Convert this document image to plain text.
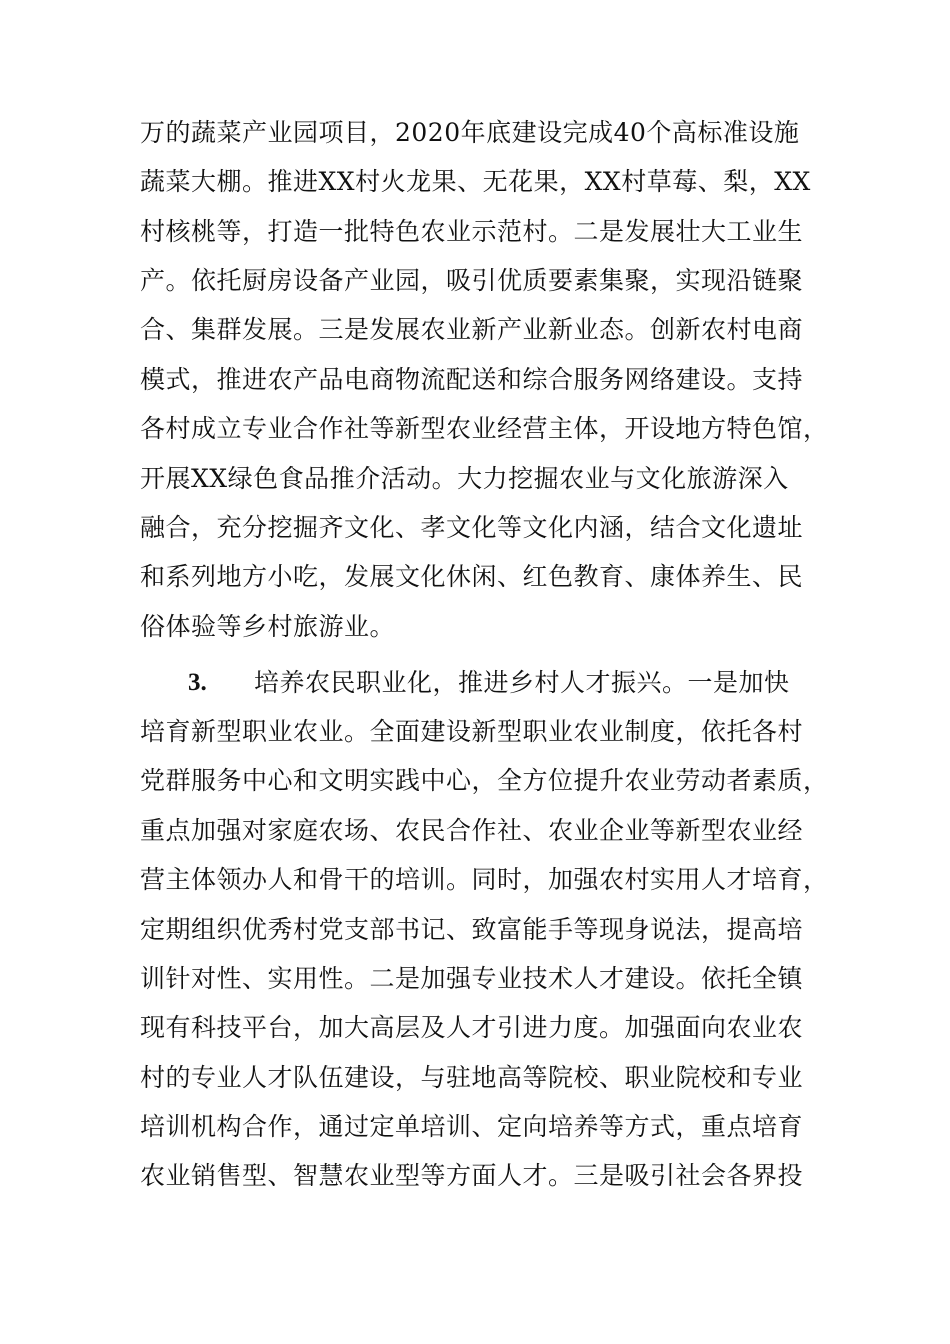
万的蔬菜产业园项目，2020年底建设完成40个高标准设施
蔬菜大棚。推进XX村火龙果、无花果，XX村草莓、梨，XX
村核桃等，打造一批特色农业示范村。二是发展壮大工业生
产。依托厨房设备产业园，吸引优质要素集聚，实现沿链聚
合、集群发展。三是发展农业新产业新业态。创新农村电商
模式，推进农产品电商物流配送和综合服务网络建设。支持
各村成立专业合作社等新型农业经营主体，开设地方特色馆，
开展XX绿色食品推介活动。大力挖掘农业与文化旅游深入
融合，充分挖掘齐文化、孝文化等文化内涵，结合文化遗址
和系列地方小吃，发展文化休闲、红色教育、康体养生、民
俗体验等乡村旅游业。
3. 培养农民职业化，推进乡村人才振兴。一是加快
培育新型职业农业。全面建设新型职业农业制度，依托各村
党群服务中心和文明实践中心，全方位提升农业劳动者素质，
重点加强对家庭农场、农民合作社、农业企业等新型农业经
营主体领办人和骨干的培训。同时，加强农村实用人才培育，
定期组织优秀村党支部书记、致富能手等现身说法，提高培
训针对性、实用性。二是加强专业技术人才建设。依托全镇
现有科技平台，加大高层及人才引进力度。加强面向农业农
村的专业人才队伍建设，与驻地高等院校、职业院校和专业
培训机构合作，通过定单培训、定向培养等方式，重点培育
农业销售型、智慧农业型等方面人才。三是吸引社会各界投
